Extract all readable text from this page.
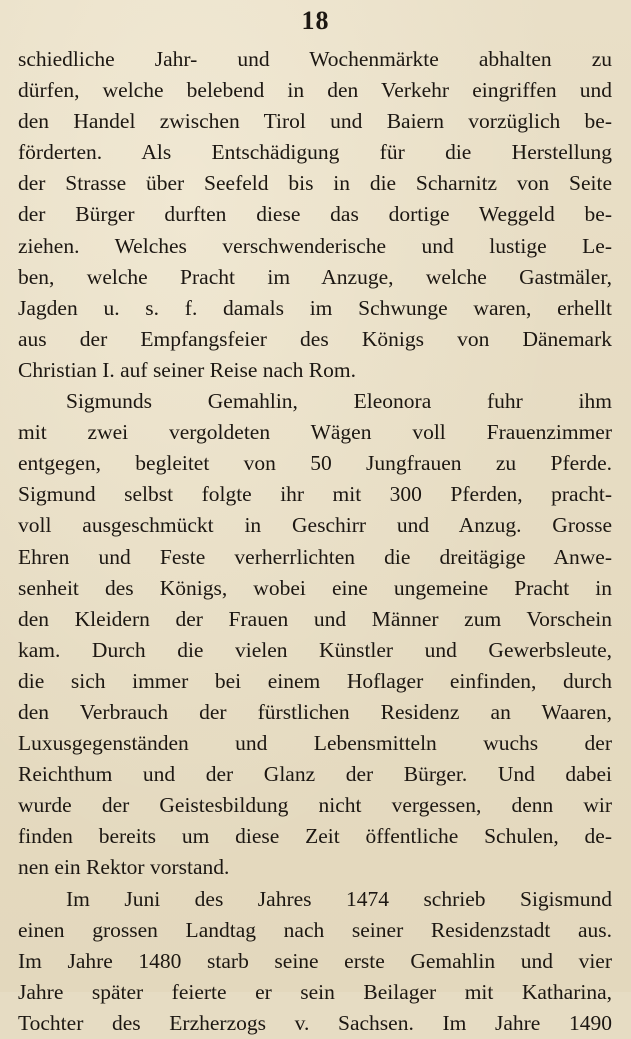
18
schiedliche Jahr- und Wochenmärkte abhalten zu
dürfen, welche belebend in den Verkehr eingriffen und
den Handel zwischen Tirol und Baiern vorzüglich be-
förderten. Als Entschädigung für die Herstellung
der Strasse über Seefeld bis in die Scharnitz von Seite
der Bürger durften diese das dortige Weggeld be-
ziehen. Welches verschwenderische und lustige Le-
ben, welche Pracht im Anzuge, welche Gastmäler,
Jagden u. s. f. damals im Schwunge waren, erhellt
aus der Empfangsfeier des Königs von Dänemark
Christian I. auf seiner Reise nach Rom.
Sigmunds Gemahlin, Eleonora fuhr ihm
mit zwei vergoldeten Wägen voll Frauenzimmer
entgegen, begleitet von 50 Jungfrauen zu Pferde.
Sigmund selbst folgte ihr mit 300 Pferden, pracht-
voll ausgeschmückt in Geschirr und Anzug. Grosse
Ehren und Feste verherrlichten die dreitägige Anwe-
senheit des Königs, wobei eine ungemeine Pracht in
den Kleidern der Frauen und Männer zum Vorschein
kam. Durch die vielen Künstler und Gewerbsleute,
die sich immer bei einem Hoflager einfinden, durch
den Verbrauch der fürstlichen Residenz an Waaren,
Luxusgegenständen und Lebensmitteln wuchs der
Reichthum und der Glanz der Bürger. Und dabei
wurde der Geistesbildung nicht vergessen, denn wir
finden bereits um diese Zeit öffentliche Schulen, de-
nen ein Rektor vorstand.
Im Juni des Jahres 1474 schrieb Sigismund
einen grossen Landtag nach seiner Residenzstadt aus.
Im Jahre 1480 starb seine erste Gemahlin und vier
Jahre später feierte er sein Beilager mit Katharina,
Tochter des Erzherzogs v. Sachsen. Im Jahre 1490
